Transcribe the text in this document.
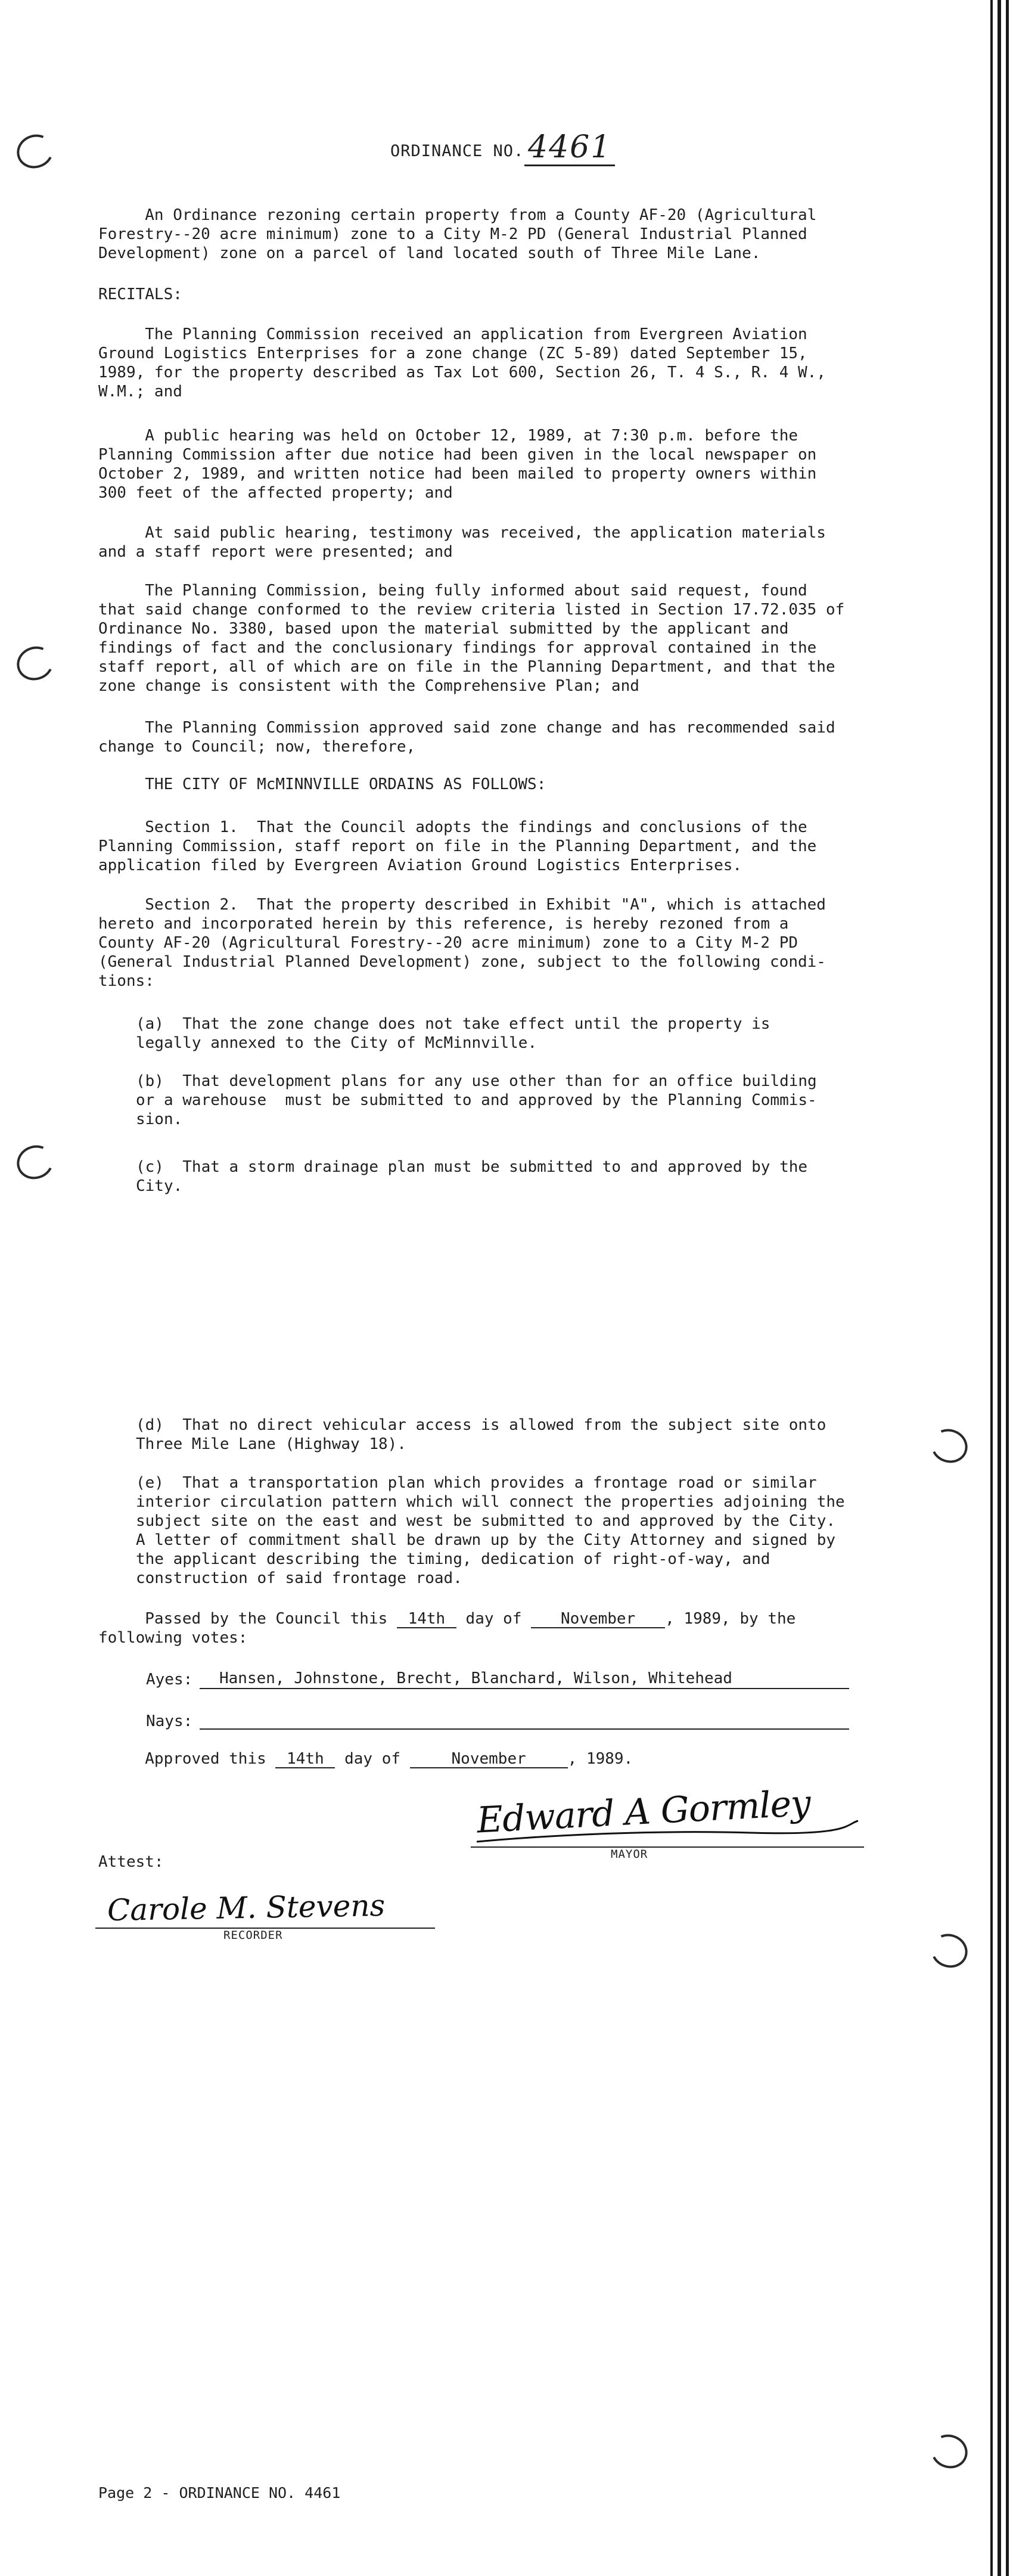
ORDINANCE NO. 4461
An Ordinance rezoning certain property from a County AF-20 (Agricultural
Forestry--20 acre minimum) zone to a City M-2 PD (General Industrial Planned
Development) zone on a parcel of land located south of Three Mile Lane.
RECITALS:
The Planning Commission received an application from Evergreen Aviation
Ground Logistics Enterprises for a zone change (ZC 5-89) dated September 15,
1989, for the property described as Tax Lot 600, Section 26, T. 4 S., R. 4 W.,
W.M.; and
A public hearing was held on October 12, 1989, at 7:30 p.m. before the
Planning Commission after due notice had been given in the local newspaper on
October 2, 1989, and written notice had been mailed to property owners within
300 feet of the affected property; and
At said public hearing, testimony was received, the application materials
and a staff report were presented; and
The Planning Commission, being fully informed about said request, found
that said change conformed to the review criteria listed in Section 17.72.035 of
Ordinance No. 3380, based upon the material submitted by the applicant and
findings of fact and the conclusionary findings for approval contained in the
staff report, all of which are on file in the Planning Department, and that the
zone change is consistent with the Comprehensive Plan; and
The Planning Commission approved said zone change and has recommended said
change to Council; now, therefore,
THE CITY OF McMINNVILLE ORDAINS AS FOLLOWS:
Section 1.  That the Council adopts the findings and conclusions of the
Planning Commission, staff report on file in the Planning Department, and the
application filed by Evergreen Aviation Ground Logistics Enterprises.
Section 2.  That the property described in Exhibit "A", which is attached
hereto and incorporated herein by this reference, is hereby rezoned from a
County AF-20 (Agricultural Forestry--20 acre minimum) zone to a City M-2 PD
(General Industrial Planned Development) zone, subject to the following condi-
tions:
(a)  That the zone change does not take effect until the property is
legally annexed to the City of McMinnville.
(b)  That development plans for any use other than for an office building
or a warehouse  must be submitted to and approved by the Planning Commis-
sion.
(c)  That a storm drainage plan must be submitted to and approved by the
City.
(d)  That no direct vehicular access is allowed from the subject site onto
Three Mile Lane (Highway 18).
(e)  That a transportation plan which provides a frontage road or similar
interior circulation pattern which will connect the properties adjoining the
subject site on the east and west be submitted to and approved by the City.
A letter of commitment shall be drawn up by the City Attorney and signed by
the applicant describing the timing, dedication of right-of-way, and
construction of said frontage road.
Passed by the Council this 14th day of November , 1989, by the
following votes:
Ayes: Hansen, Johnstone, Brecht, Blanchard, Wilson, Whitehead
Nays:
Approved this 14th day of	November	, 1989.
Edward A Gormley
MAYOR
Attest:
Carole M. Stevens
RECORDER
Page 2 - ORDINANCE NO. 4461
